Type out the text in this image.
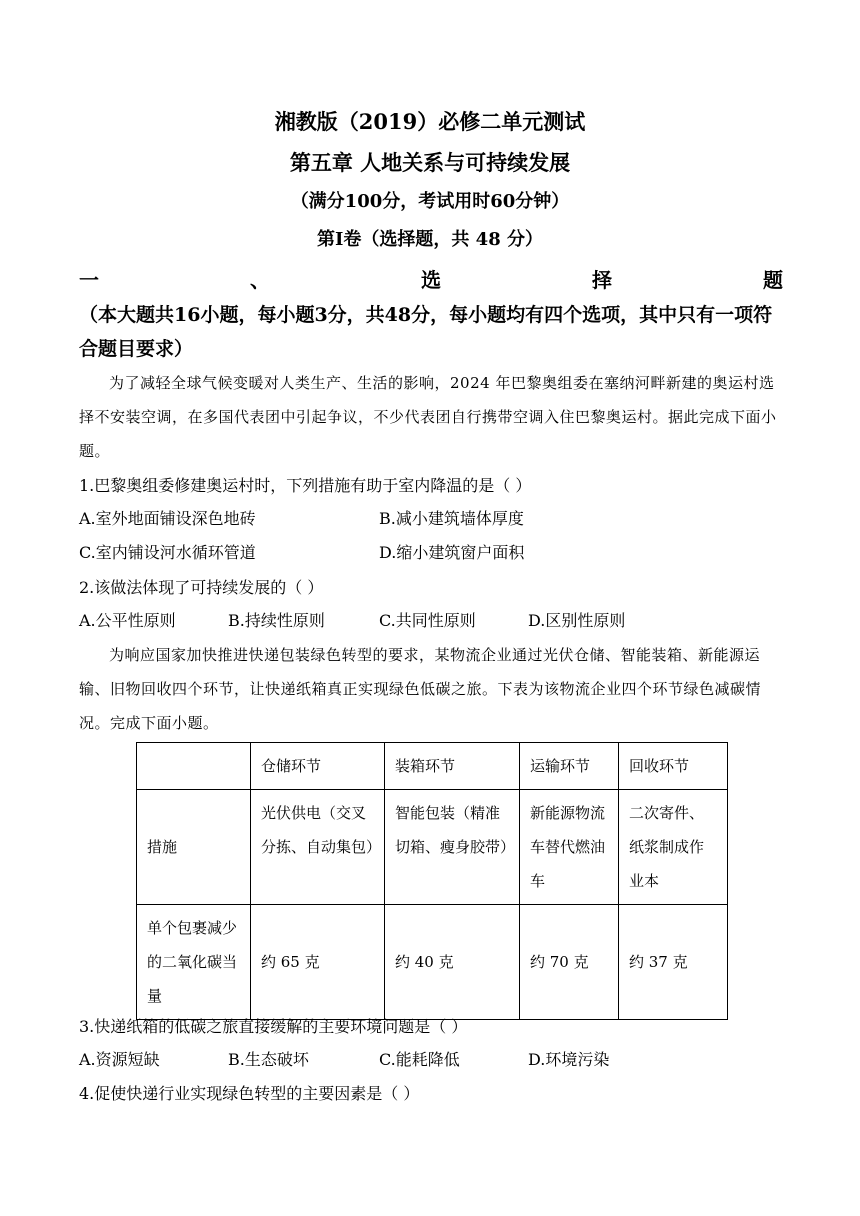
湘教版（2019）必修二单元测试
第五章 人地关系与可持续发展
（满分100分，考试用时60分钟）
第Ⅰ卷（选择题，共 48 分）
一	、	选	择	题
（本大题共16小题，每小题3分，共48分，每小题均有四个选项，其中只有一项符合题目要求）
为了减轻全球气候变暖对人类生产、生活的影响，2024 年巴黎奥组委在塞纳河畔新建的奥运村选择不安装空调，在多国代表团中引起争议，不少代表团自行携带空调入住巴黎奥运村。据此完成下面小题。
1.巴黎奥组委修建奥运村时，下列措施有助于室内降温的是（ ）
A.室外地面铺设深色地砖	B.减小建筑墙体厚度
C.室内铺设河水循环管道	D.缩小建筑窗户面积
2.该做法体现了可持续发展的（ ）
A.公平性原则	B.持续性原则	C.共同性原则	D.区别性原则
为响应国家加快推进快递包装绿色转型的要求，某物流企业通过光伏仓储、智能装箱、新能源运输、旧物回收四个环节，让快递纸箱真正实现绿色低碳之旅。下表为该物流企业四个环节绿色减碳情况。完成下面小题。
	仓储环节	装箱环节	运输环节	回收环节
措施	光伏供电（交叉分拣、自动集包）	智能包装（精准切箱、瘦身胶带）	新能源物流车替代燃油车	二次寄件、纸浆制成作业本
单个包裹减少的二氧化碳当量	约 65 克	约 40 克	约 70 克	约 37 克
3.快递纸箱的低碳之旅直接缓解的主要环境问题是（ ）
A.资源短缺	B.生态破坏	C.能耗降低	D.环境污染
4.促使快递行业实现绿色转型的主要因素是（ ）
